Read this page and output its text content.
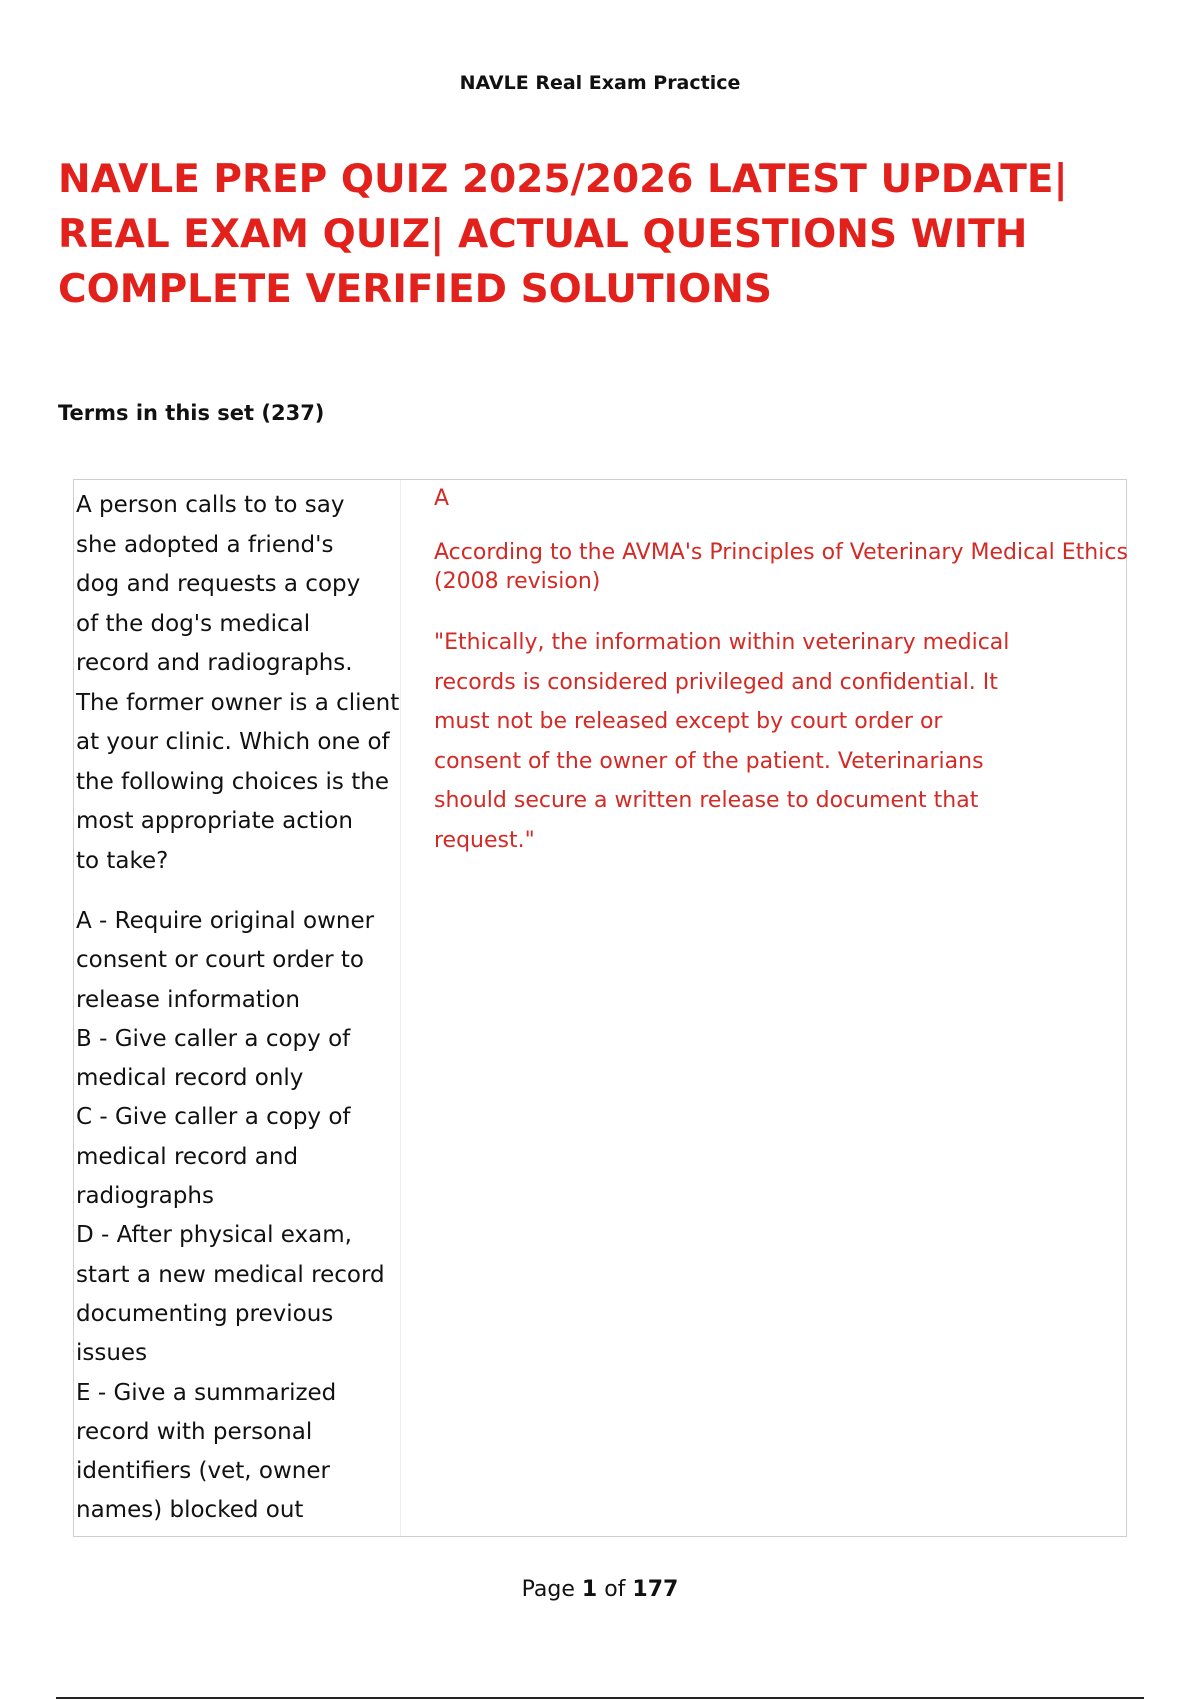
NAVLE Real Exam Practice
NAVLE PREP QUIZ 2025/2026 LATEST UPDATE|
REAL EXAM QUIZ| ACTUAL QUESTIONS WITH
COMPLETE VERIFIED SOLUTIONS
Terms in this set (237)
A person calls to to say
she adopted a friend's
dog and requests a copy
of the dog's medical
record and radiographs.
The former owner is a client
at your clinic. Which one of
the following choices is the
most appropriate action
to take?
A - Require original owner
consent or court order to
release information
B - Give caller a copy of
medical record only
C - Give caller a copy of
medical record and
radiographs
D - After physical exam,
start a new medical record
documenting previous
issues
E - Give a summarized
record with personal
identifiers (vet, owner
names) blocked out
A
According to the AVMA's Principles of Veterinary Medical Ethics
(2008 revision)
"Ethically, the information within veterinary medical
records is considered privileged and confidential. It
must not be released except by court order or
consent of the owner of the patient. Veterinarians
should secure a written release to document that
request."
Page 1 of 177
